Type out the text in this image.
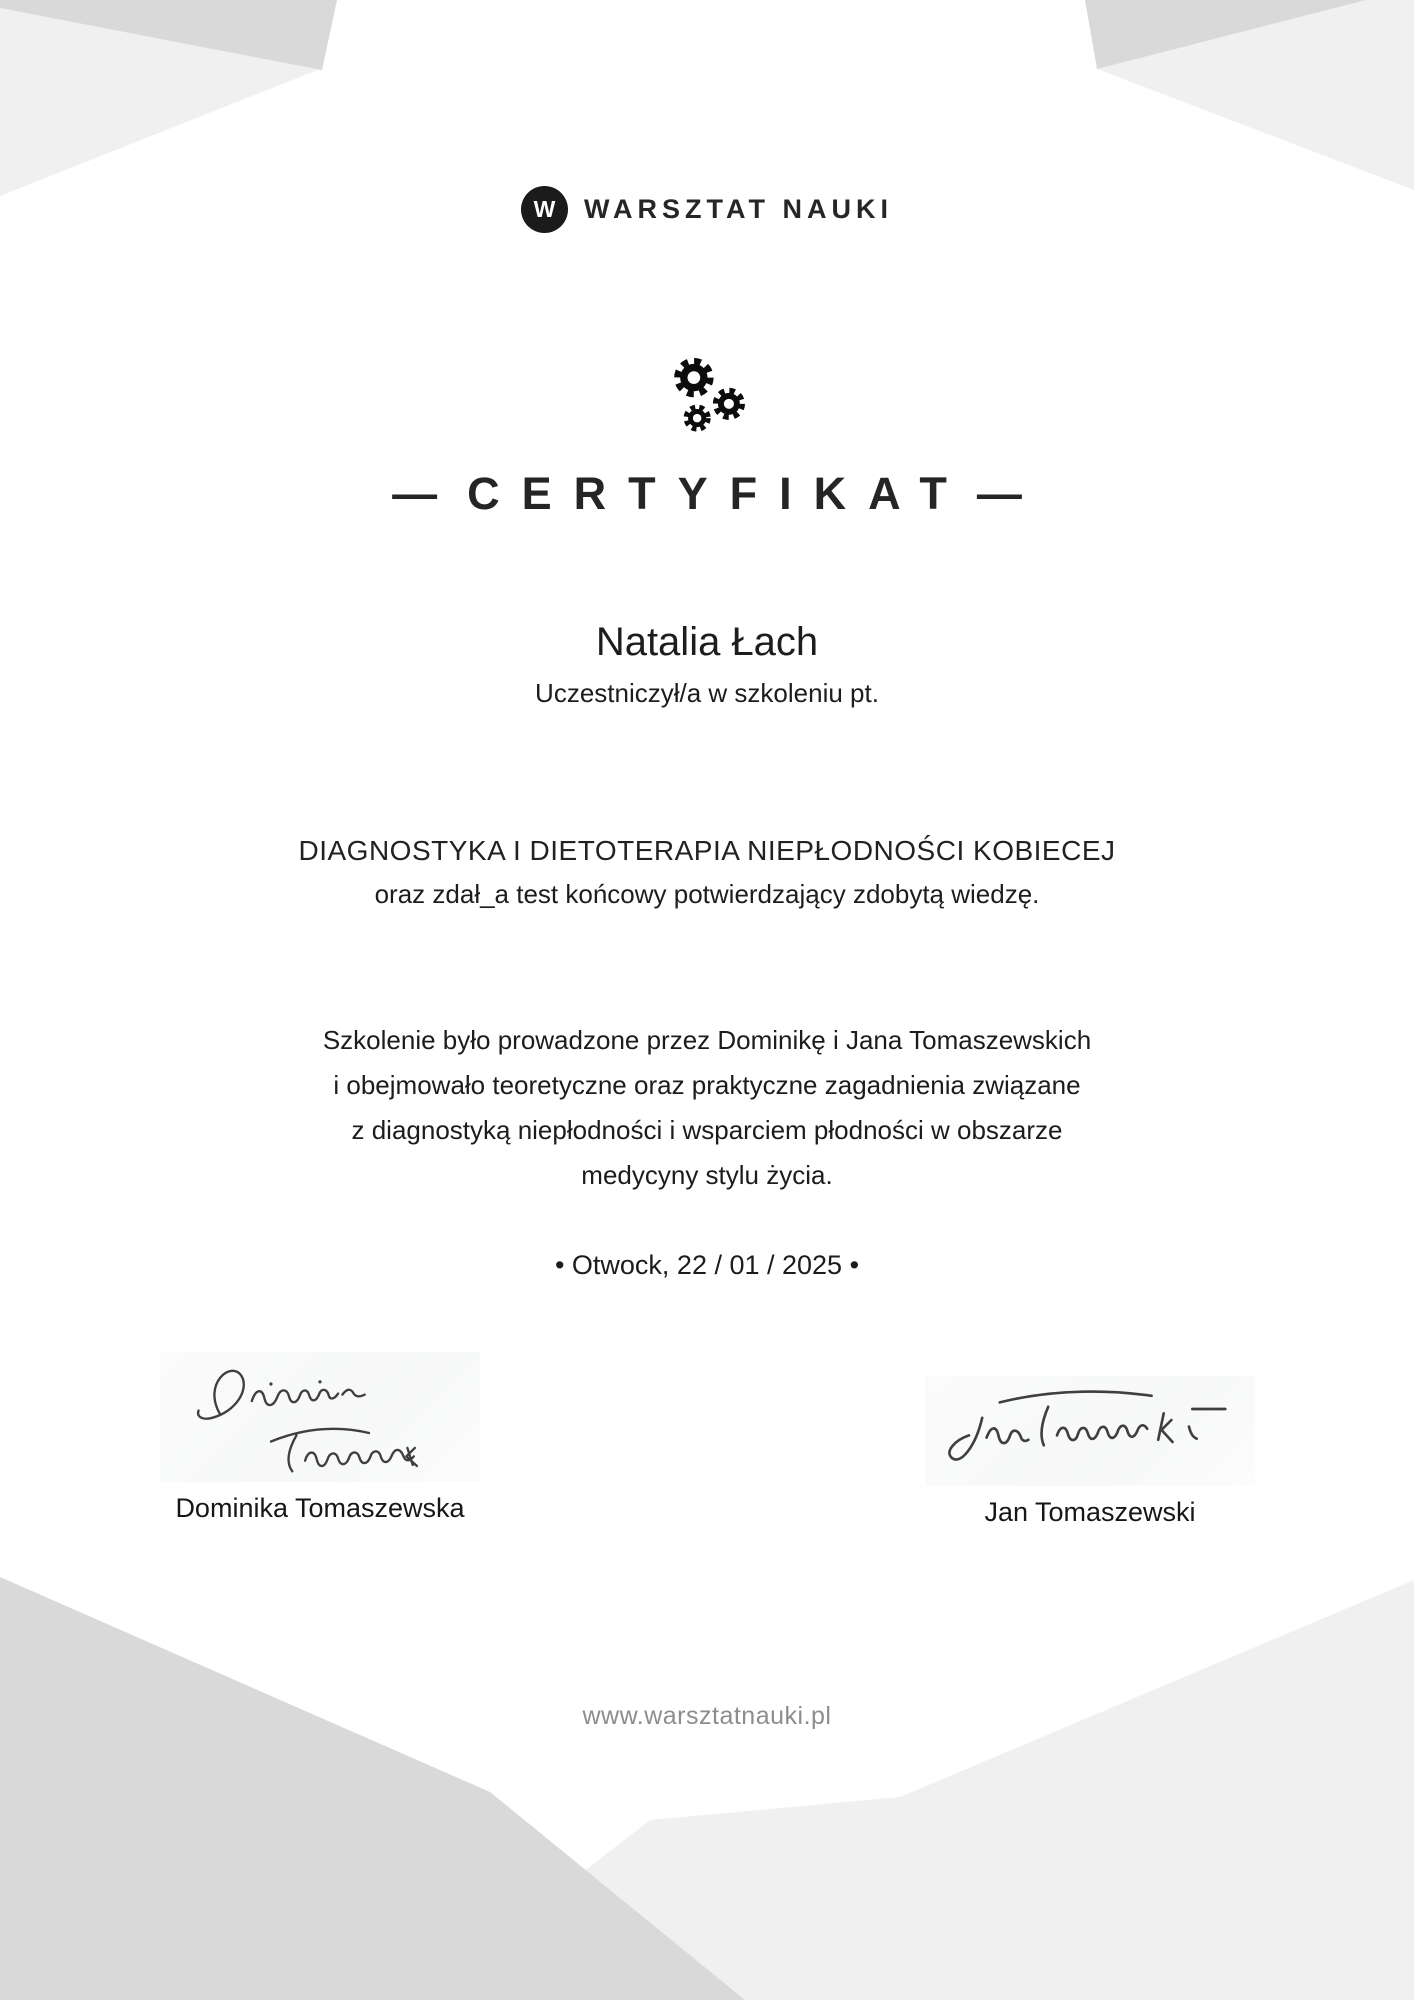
W WARSZTAT NAUKI
— CERTYFIKAT —
Natalia Łach
Uczestniczył/a w szkoleniu pt.
DIAGNOSTYKA I DIETOTERAPIA NIEPŁODNOŚCI KOBIECEJ
oraz zdał_a test końcowy potwierdzający zdobytą wiedzę.
Szkolenie było prowadzone przez Dominikę i Jana Tomaszewskich
i obejmowało teoretyczne oraz praktyczne zagadnienia związane
z diagnostyką niepłodności i wsparciem płodności w obszarze
medycyny stylu życia.
• Otwock, 22 / 01 / 2025 •
Dominika Tomaszewska	Jan Tomaszewski
www.warsztatnauki.pl
